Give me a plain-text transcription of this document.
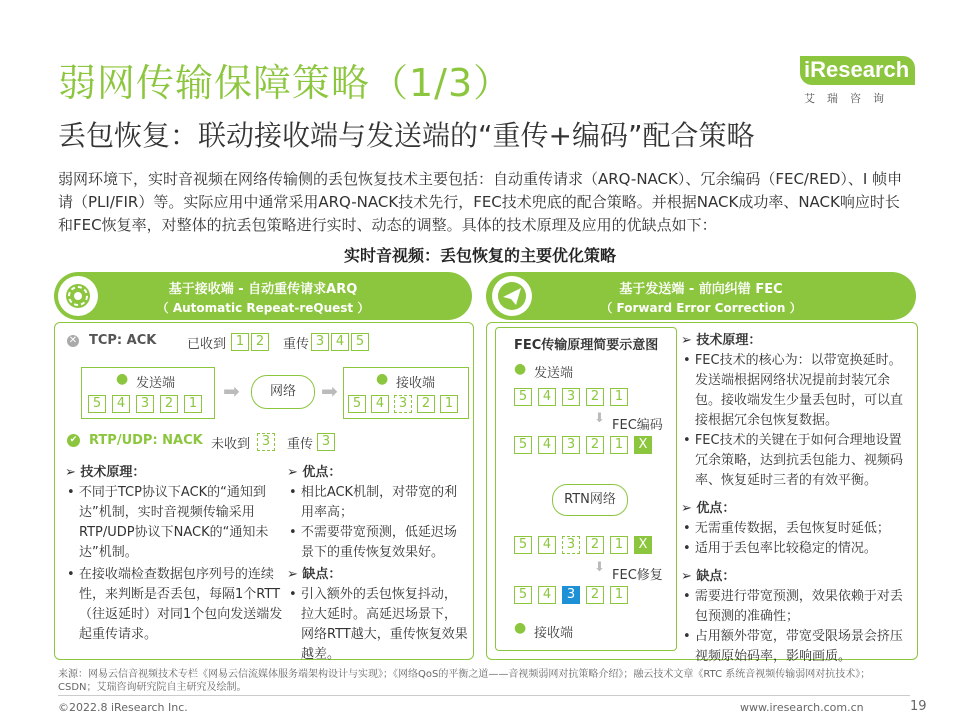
弱网传输保障策略（1/3）
丢包恢复：联动接收端与发送端的“重传+编码”配合策略
iResearch
艾瑞咨询
弱网环境下，实时音视频在网络传输侧的丢包恢复技术主要包括：自动重传请求（ARQ-NACK）、冗余编码（FEC/RED）、I 帧申请（PLI/FIR）等。实际应用中通常采用ARQ-NACK技术先行，FEC技术兜底的配合策略。并根据NACK成功率、NACK响应时长和FEC恢复率，对整体的抗丢包策略进行实时、动态的调整。具体的技术原理及应用的优缺点如下：
实时音视频：丢包恢复的主要优化策略
基于接收端 - 自动重传请求ARQ
（ Automatic Repeat-reQuest ）
基于发送端 - 前向纠错 FEC
（ Forward Error Correction ）
✕ TCP: ACK 已收到 1 2	重传 3 4 5
● 发送端
5	4	3	2	1
➡	网络	➡	● 接收端
5	4	3	2	1
✔ RTP/UDP: NACK 未收到 3	重传 3

➢ 技术原理：

• 不同于TCP协议下ACK的“通知到达”机制，实时音视频传输采用RTP/UDP协议下NACK的“通知未达”机制。

• 在接收端检查数据包序列号的连续性，来判断是否丢包，每隔1个RTT （往返延时）对同1个包向发送端发起重传请求。

➢ 优点：

• 相比ACK机制，对带宽的利用率高；

• 不需要带宽预测，低延迟场景下的重传恢复效果好。

➢ 缺点：

• 引入额外的丢包恢复抖动，拉大延时。高延迟场景下，网络RTT越大，重传恢复效果越差。

FEC传输原理简要示意图
● 发送端
5	4	3	2	1
⬇ FEC编码
5	4	3	2	1	X
RTN网络
5	4	3	2	1	X
⬇
FEC修复
5	4	3	2	1
● 接收端

➢ 技术原理：

• FEC技术的核心为：以带宽换延时。发送端根据网络状况提前封装冗余包。接收端发生少量丢包时，可以直接根据冗余包恢复数据。

• FEC技术的关键在于如何合理地设置冗余策略，达到抗丢包能力、视频码率、恢复延时三者的有效平衡。

➢ 优点：

• 无需重传数据，丢包恢复时延低；

• 适用于丢包率比较稳定的情况。

➢ 缺点：

• 需要进行带宽预测，效果依赖于对丢包预测的准确性；

• 占用额外带宽，带宽受限场景会挤压视频原始码率，影响画质。

来源：网易云信音视频技术专栏《网易云信流媒体服务端架构设计与实现》；《网络QoS的平衡之道——音视频弱网对抗策略介绍》；融云技术文章《RTC 系统音视频传输弱网对抗技术》；CSDN；艾瑞咨询研究院自主研究及绘制。
©2022.8 iResearch Inc.	www.iresearch.com.cn	19
